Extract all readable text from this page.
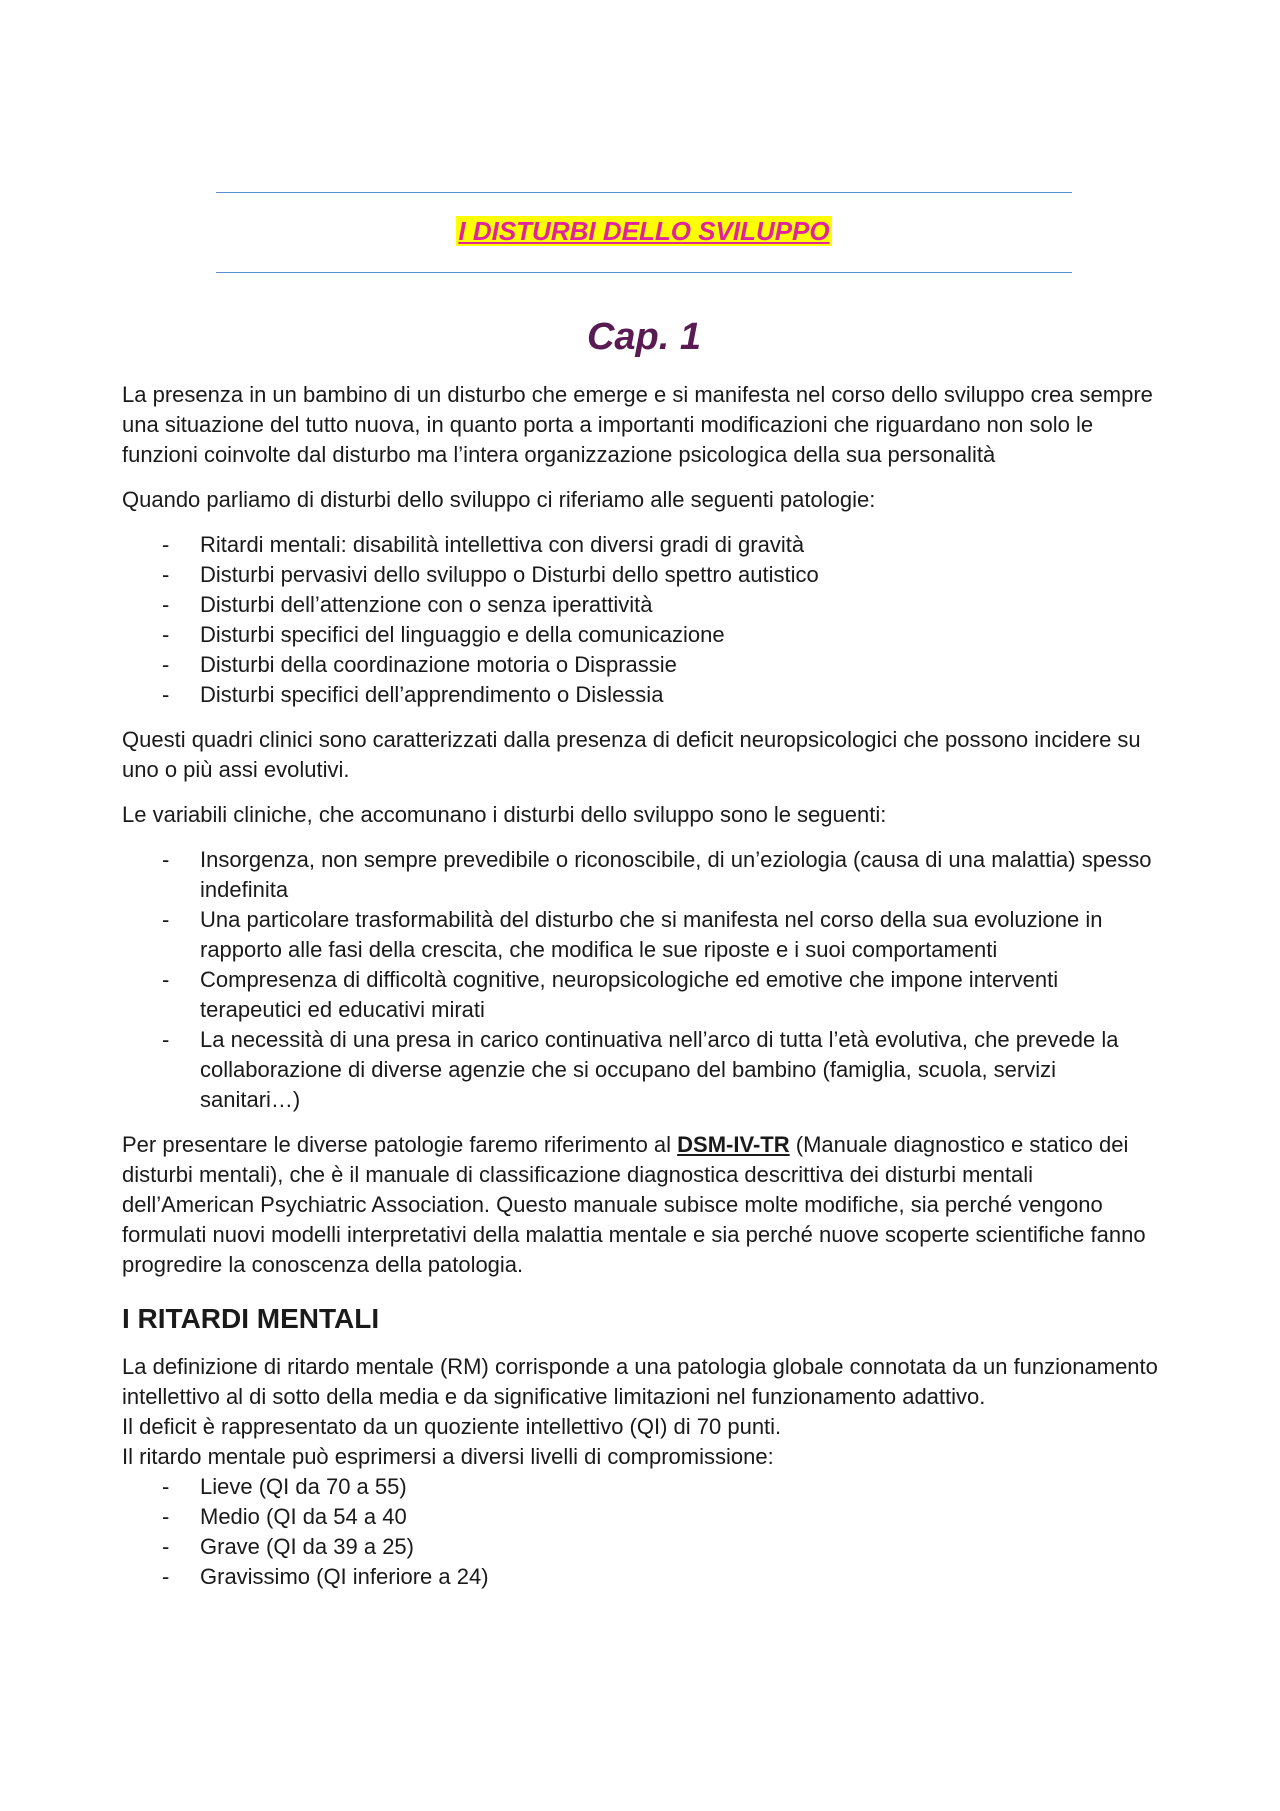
I DISTURBI DELLO SVILUPPO
Cap. 1

La presenza in un bambino di un disturbo che emerge e si manifesta nel corso dello sviluppo crea sempre una situazione del tutto nuova, in quanto porta a importanti modificazioni che riguardano non solo le funzioni coinvolte dal disturbo ma l’intera organizzazione psicologica della sua personalità

Quando parliamo di disturbi dello sviluppo ci riferiamo alle seguenti patologie:

- Ritardi mentali: disabilità intellettiva con diversi gradi di gravità
- Disturbi pervasivi dello sviluppo o Disturbi dello spettro autistico
- Disturbi dell’attenzione con o senza iperattività
- Disturbi specifici del linguaggio e della comunicazione
- Disturbi della coordinazione motoria o Disprassie
- Disturbi specifici dell’apprendimento o Dislessia

Questi quadri clinici sono caratterizzati dalla presenza di deficit neuropsicologici che possono incidere su uno o più assi evolutivi.

Le variabili cliniche, che accomunano i disturbi dello sviluppo sono le seguenti:

- Insorgenza, non sempre prevedibile o riconoscibile, di un’eziologia (causa di una malattia) spesso indefinita
- Una particolare trasformabilità del disturbo che si manifesta nel corso della sua evoluzione in rapporto alle fasi della crescita, che modifica le sue riposte e i suoi comportamenti
- Compresenza di difficoltà cognitive, neuropsicologiche ed emotive che impone interventi terapeutici ed educativi mirati
- La necessità di una presa in carico continuativa nell’arco di tutta l’età evolutiva, che prevede la collaborazione di diverse agenzie che si occupano del bambino (famiglia, scuola, servizi sanitari…)

Per presentare le diverse patologie faremo riferimento al DSM-IV-TR (Manuale diagnostico e statico dei disturbi mentali), che è il manuale di classificazione diagnostica descrittiva dei disturbi mentali dell’American Psychiatric Association. Questo manuale subisce molte modifiche, sia perché vengono formulati nuovi modelli interpretativi della malattia mentale e sia perché nuove scoperte scientifiche fanno progredire la conoscenza della patologia.

I RITARDI MENTALI

La definizione di ritardo mentale (RM) corrisponde a una patologia globale connotata da un funzionamento intellettivo al di sotto della media e da significative limitazioni nel funzionamento adattivo.

Il deficit è rappresentato da un quoziente intellettivo (QI) di 70 punti.

Il ritardo mentale può esprimersi a diversi livelli di compromissione:

- Lieve (QI da 70 a 55)
- Medio (QI da 54 a 40
- Grave (QI da 39 a 25)
- Gravissimo (QI inferiore a 24)
